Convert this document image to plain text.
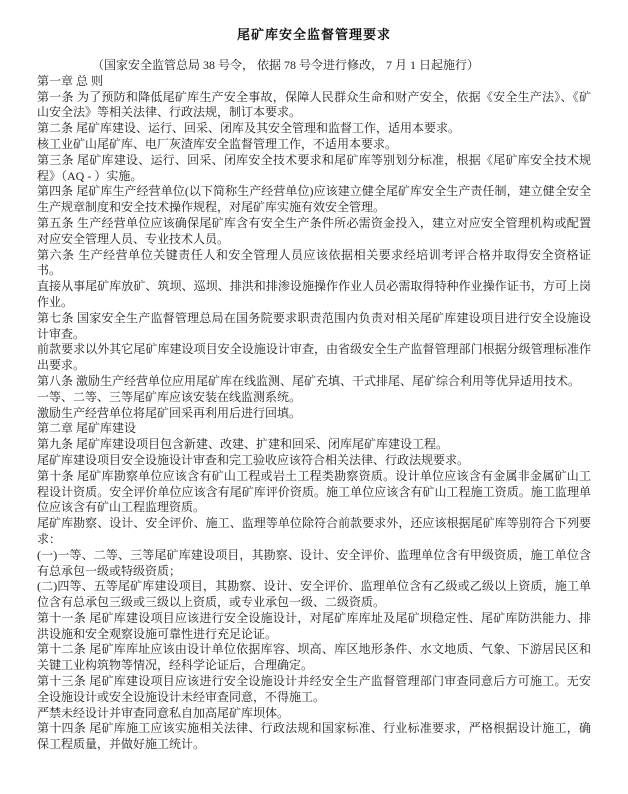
尾矿库安全监督管理要求

（国家安全监管总局 38 号令， 依据 78 号令进行修改， 7 月 1 日起施行）

第一章 总 则

第一条 为了预防和降低尾矿库生产安全事故，保障人民群众生命和财产安全，依据《安全生产法》、《矿山安全法》等相关法律、行政法规，制订本要求。

第二条 尾矿库建设、运行、回采、闭库及其安全管理和监督工作，适用本要求。

核工业矿山尾矿库、电厂灰渣库安全监督管理工作，不适用本要求。

第三条 尾矿库建设、运行、回采、闭库安全技术要求和尾矿库等别划分标准，根据《尾矿库安全技术规程》（AQ - ）实施。

第四条 尾矿库生产经营单位(以下简称生产经营单位)应该建立健全尾矿库安全生产责任制，建立健全安全生产规章制度和安全技术操作规程，对尾矿库实施有效安全管理。

第五条 生产经营单位应该确保尾矿库含有安全生产条件所必需资金投入，建立对应安全管理机构或配置对应安全管理人员、专业技术人员。

第六条 生产经营单位关键责任人和安全管理人员应该依据相关要求经培训考评合格并取得安全资格证书。

直接从事尾矿库放矿、筑坝、巡坝、排洪和排渗设施操作作业人员必需取得特种作业操作证书，方可上岗作业。

第七条 国家安全生产监督管理总局在国务院要求职责范围内负责对相关尾矿库建设项目进行安全设施设计审查。

前款要求以外其它尾矿库建设项目安全设施设计审查，由省级安全生产监督管理部门根据分级管理标准作出要求。

第八条 激励生产经营单位应用尾矿库在线监测、尾矿充填、干式排尾、尾矿综合利用等优异适用技术。

一等、二等、三等尾矿库应该安装在线监测系统。

激励生产经营单位将尾矿回采再利用后进行回填。

第二章 尾矿库建设

第九条 尾矿库建设项目包含新建、改建、扩建和回采、闭库尾矿库建设工程。

尾矿库建设项目安全设施设计审查和完工验收应该符合相关法律、行政法规要求。

第十条 尾矿库勘察单位应该含有矿山工程或岩土工程类勘察资质。设计单位应该含有金属非金属矿山工程设计资质。安全评价单位应该含有尾矿库评价资质。施工单位应该含有矿山工程施工资质。施工监理单位应该含有矿山工程监理资质。

尾矿库勘察、设计、安全评价、施工、监理等单位除符合前款要求外，还应该根据尾矿库等别符合下列要求：

(一)一等、二等、三等尾矿库建设项目，其勘察、设计、安全评价、监理单位含有甲级资质，施工单位含有总承包一级或特级资质；

(二)四等、五等尾矿库建设项目，其勘察、设计、安全评价、监理单位含有乙级或乙级以上资质，施工单位含有总承包三级或三级以上资质，或专业承包一级、二级资质。

第十一条 尾矿库建设项目应该进行安全设施设计，对尾矿库库址及尾矿坝稳定性、尾矿库防洪能力、排洪设施和安全观察设施可靠性进行充足论证。

第十二条 尾矿库库址应该由设计单位依据库容、坝高、库区地形条件、水文地质、气象、下游居民区和关键工业构筑物等情况，经科学论证后，合理确定。

第十三条 尾矿库建设项目应该进行安全设施设计并经安全生产监督管理部门审查同意后方可施工。无安全设施设计或安全设施设计未经审查同意，不得施工。

严禁未经设计并审查同意私自加高尾矿库坝体。

第十四条 尾矿库施工应该实施相关法律、行政法规和国家标准、行业标准要求，严格根据设计施工，确保工程质量，并做好施工统计。
